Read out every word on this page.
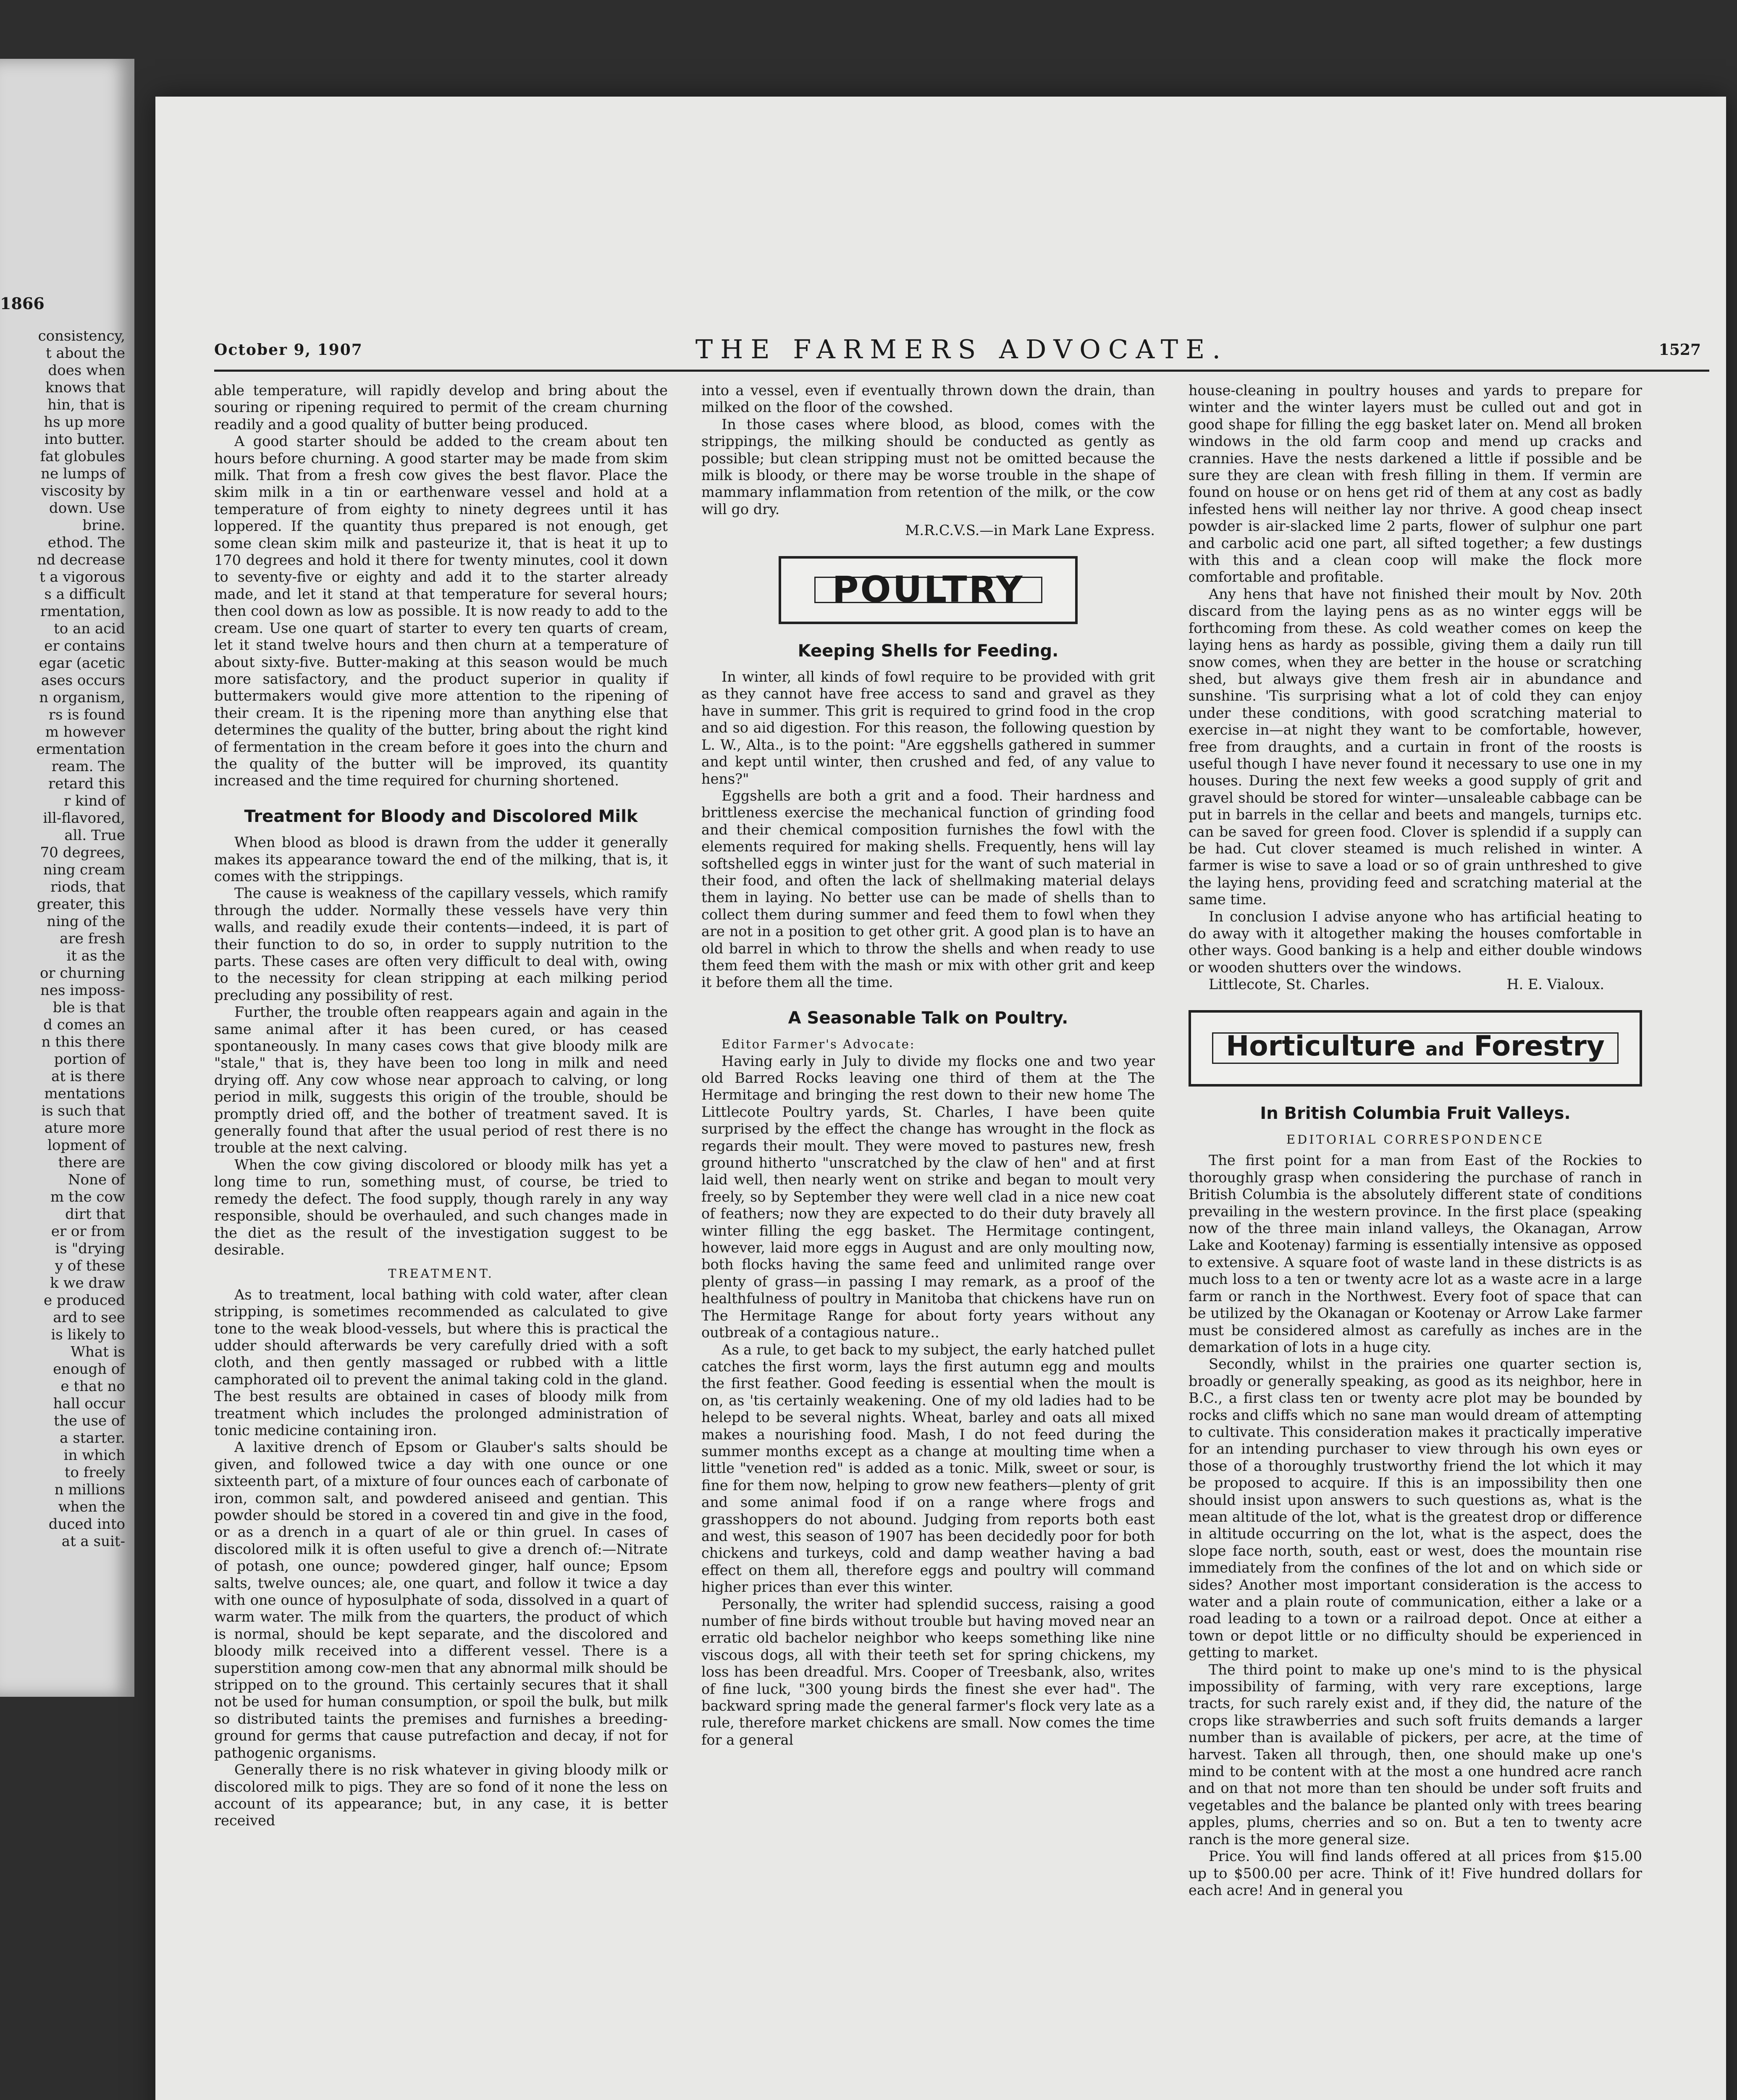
1866
consistency,
t about the
does when
knows that
hin, that is
hs up more
into butter.
fat globules
ne lumps of
viscosity by
down. Use
brine.
ethod. The
nd decrease
t a vigorous
s a difficult
rmentation,
to an acid
er contains
egar (acetic
ases occurs
n organism,
rs is found
m however
ermentation
ream. The
retard this
r kind of
ill-flavored,
all. True
70 degrees,
ning cream
riods, that
greater, this
ning of the
are fresh
it as the
or churning
nes imposs-
ble is that
d comes an
n this there
portion of
at is there
mentations
is such that
ature more
lopment of
there are
None of
m the cow
dirt that
er or from
is "drying
y of these
k we draw
e produced
ard to see
is likely to
What is
enough of
e that no
hall occur
the use of
a starter.
in which
to freely
n millions
when the
duced into
at a suit-
October 9, 1907	THE FARMERS ADVOCATE.	1527

able temperature, will rapidly develop and bring about the souring or ripening required to permit of the cream churning readily and a good quality of butter being produced.

A good starter should be added to the cream about ten hours before churning. A good starter may be made from skim milk. That from a fresh cow gives the best flavor. Place the skim milk in a tin or earthenware vessel and hold at a temperature of from eighty to ninety degrees until it has loppered. If the quantity thus prepared is not enough, get some clean skim milk and pasteurize it, that is heat it up to 170 degrees and hold it there for twenty minutes, cool it down to seventy-five or eighty and add it to the starter already made, and let it stand at that temperature for several hours; then cool down as low as possible. It is now ready to add to the cream. Use one quart of starter to every ten quarts of cream, let it stand twelve hours and then churn at a temperature of about sixty-five. Butter-making at this season would be much more satisfactory, and the product superior in quality if buttermakers would give more attention to the ripening of their cream. It is the ripening more than anything else that determines the quality of the butter, bring about the right kind of fermentation in the cream before it goes into the churn and the quality of the butter will be improved, its quantity increased and the time required for churning shortened.

Treatment for Bloody and Discolored Milk

When blood as blood is drawn from the udder it generally makes its appearance toward the end of the milking, that is, it comes with the strippings.

The cause is weakness of the capillary vessels, which ramify through the udder. Normally these vessels have very thin walls, and readily exude their contents—indeed, it is part of their function to do so, in order to supply nutrition to the parts. These cases are often very difficult to deal with, owing to the necessity for clean stripping at each milking period precluding any possibility of rest.

Further, the trouble often reappears again and again in the same animal after it has been cured, or has ceased spontaneously. In many cases cows that give bloody milk are "stale," that is, they have been too long in milk and need drying off. Any cow whose near approach to calving, or long period in milk, suggests this origin of the trouble, should be promptly dried off, and the bother of treatment saved. It is generally found that after the usual period of rest there is no trouble at the next calving.

When the cow giving discolored or bloody milk has yet a long time to run, something must, of course, be tried to remedy the defect. The food supply, though rarely in any way responsible, should be overhauled, and such changes made in the diet as the result of the investigation suggest to be desirable.

TREATMENT.

As to treatment, local bathing with cold water, after clean stripping, is sometimes recommended as calculated to give tone to the weak blood-vessels, but where this is practical the udder should afterwards be very carefully dried with a soft cloth, and then gently massaged or rubbed with a little camphorated oil to prevent the animal taking cold in the gland. The best results are obtained in cases of bloody milk from treatment which includes the prolonged administration of tonic medicine containing iron.

A laxitive drench of Epsom or Glauber's salts should be given, and followed twice a day with one ounce or one sixteenth part, of a mixture of four ounces each of carbonate of iron, common salt, and powdered aniseed and gentian. This powder should be stored in a covered tin and give in the food, or as a drench in a quart of ale or thin gruel. In cases of discolored milk it is often useful to give a drench of:—Nitrate of potash, one ounce; powdered ginger, half ounce; Epsom salts, twelve ounces; ale, one quart, and follow it twice a day with one ounce of hyposulphate of soda, dissolved in a quart of warm water. The milk from the quarters, the product of which is normal, should be kept separate, and the discolored and bloody milk received into a different vessel. There is a superstition among cow-men that any abnormal milk should be stripped on to the ground. This certainly secures that it shall not be used for human consumption, or spoil the bulk, but milk so distributed taints the premises and furnishes a breeding-ground for germs that cause putrefaction and decay, if not for pathogenic organisms.

Generally there is no risk whatever in giving bloody milk or discolored milk to pigs. They are so fond of it none the less on account of its appearance; but, in any case, it is better received

into a vessel, even if eventually thrown down the drain, than milked on the floor of the cowshed.

In those cases where blood, as blood, comes with the strippings, the milking should be conducted as gently as possible; but clean stripping must not be omitted because the milk is bloody, or there may be worse trouble in the shape of mammary inflammation from retention of the milk, or the cow will go dry.

M.R.C.V.S.—in Mark Lane Express.

POULTRY
Keeping Shells for Feeding.

In winter, all kinds of fowl require to be provided with grit as they cannot have free access to sand and gravel as they have in summer. This grit is required to grind food in the crop and so aid digestion. For this reason, the following question by L. W., Alta., is to the point: "Are eggshells gathered in summer and kept until winter, then crushed and fed, of any value to hens?"

Eggshells are both a grit and a food. Their hardness and brittleness exercise the mechanical function of grinding food and their chemical composition furnishes the fowl with the elements required for making shells. Frequently, hens will lay softshelled eggs in winter just for the want of such material in their food, and often the lack of shellmaking material delays them in laying. No better use can be made of shells than to collect them during summer and feed them to fowl when they are not in a position to get other grit. A good plan is to have an old barrel in which to throw the shells and when ready to use them feed them with the mash or mix with other grit and keep it before them all the time.

A Seasonable Talk on Poultry.

Editor Farmer's Advocate:

Having early in July to divide my flocks one and two year old Barred Rocks leaving one third of them at the The Hermitage and bringing the rest down to their new home The Littlecote Poultry yards, St. Charles, I have been quite surprised by the effect the change has wrought in the flock as regards their moult. They were moved to pastures new, fresh ground hitherto "unscratched by the claw of hen" and at first laid well, then nearly went on strike and began to moult very freely, so by September they were well clad in a nice new coat of feathers; now they are expected to do their duty bravely all winter filling the egg basket. The Hermitage contingent, however, laid more eggs in August and are only moulting now, both flocks having the same feed and unlimited range over plenty of grass—in passing I may remark, as a proof of the healthfulness of poultry in Manitoba that chickens have run on The Hermitage Range for about forty years without any outbreak of a contagious nature..

As a rule, to get back to my subject, the early hatched pullet catches the first worm, lays the first autumn egg and moults the first feather. Good feeding is essential when the moult is on, as 'tis certainly weakening. One of my old ladies had to be helepd to be several nights. Wheat, barley and oats all mixed makes a nourishing food. Mash, I do not feed during the summer months except as a change at moulting time when a little "venetion red" is added as a tonic. Milk, sweet or sour, is fine for them now, helping to grow new feathers—plenty of grit and some animal food if on a range where frogs and grasshoppers do not abound. Judging from reports both east and west, this season of 1907 has been decidedly poor for both chickens and turkeys, cold and damp weather having a bad effect on them all, therefore eggs and poultry will command higher prices than ever this winter.

Personally, the writer had splendid success, raising a good number of fine birds without trouble but having moved near an erratic old bachelor neighbor who keeps something like nine viscous dogs, all with their teeth set for spring chickens, my loss has been dreadful. Mrs. Cooper of Treesbank, also, writes of fine luck, "300 young birds the finest she ever had". The backward spring made the general farmer's flock very late as a rule, therefore market chickens are small. Now comes the time for a general

house-cleaning in poultry houses and yards to prepare for winter and the winter layers must be culled out and got in good shape for filling the egg basket later on. Mend all broken windows in the old farm coop and mend up cracks and crannies. Have the nests darkened a little if possible and be sure they are clean with fresh filling in them. If vermin are found on house or on hens get rid of them at any cost as badly infested hens will neither lay nor thrive. A good cheap insect powder is air-slacked lime 2 parts, flower of sulphur one part and carbolic acid one part, all sifted together; a few dustings with this and a clean coop will make the flock more comfortable and profitable.

Any hens that have not finished their moult by Nov. 20th discard from the laying pens as as no winter eggs will be forthcoming from these. As cold weather comes on keep the laying hens as hardy as possible, giving them a daily run till snow comes, when they are better in the house or scratching shed, but always give them fresh air in abundance and sunshine. 'Tis surprising what a lot of cold they can enjoy under these conditions, with good scratching material to exercise in—at night they want to be comfortable, however, free from draughts, and a curtain in front of the roosts is useful though I have never found it necessary to use one in my houses. During the next few weeks a good supply of grit and gravel should be stored for winter—unsaleable cabbage can be put in barrels in the cellar and beets and mangels, turnips etc. can be saved for green food. Clover is splendid if a supply can be had. Cut clover steamed is much relished in winter. A farmer is wise to save a load or so of grain unthreshed to give the laying hens, providing feed and scratching material at the same time.

In conclusion I advise anyone who has artificial heating to do away with it altogether making the houses comfortable in other ways. Good banking is a help and either double windows or wooden shutters over the windows.

Littlecote, St. Charles.	H. E. Vialoux.

Horticulture and Forestry
In British Columbia Fruit Valleys.
EDITORIAL CORRESPONDENCE

The first point for a man from East of the Rockies to thoroughly grasp when considering the purchase of ranch in British Columbia is the absolutely different state of conditions prevailing in the western province. In the first place (speaking now of the three main inland valleys, the Okanagan, Arrow Lake and Kootenay) farming is essentially intensive as opposed to extensive. A square foot of waste land in these districts is as much loss to a ten or twenty acre lot as a waste acre in a large farm or ranch in the Northwest. Every foot of space that can be utilized by the Okanagan or Kootenay or Arrow Lake farmer must be considered almost as carefully as inches are in the demarkation of lots in a huge city.

Secondly, whilst in the prairies one quarter section is, broadly or generally speaking, as good as its neighbor, here in B.C., a first class ten or twenty acre plot may be bounded by rocks and cliffs which no sane man would dream of attempting to cultivate. This consideration makes it practically imperative for an intending purchaser to view through his own eyes or those of a thoroughly trustworthy friend the lot which it may be proposed to acquire. If this is an impossibility then one should insist upon answers to such questions as, what is the mean altitude of the lot, what is the greatest drop or difference in altitude occurring on the lot, what is the aspect, does the slope face north, south, east or west, does the mountain rise immediately from the confines of the lot and on which side or sides? Another most important consideration is the access to water and a plain route of communication, either a lake or a road leading to a town or a railroad depot. Once at either a town or depot little or no difficulty should be experienced in getting to market.

The third point to make up one's mind to is the physical impossibility of farming, with very rare exceptions, large tracts, for such rarely exist and, if they did, the nature of the crops like strawberries and such soft fruits demands a larger number than is available of pickers, per acre, at the time of harvest. Taken all through, then, one should make up one's mind to be content with at the most a one hundred acre ranch and on that not more than ten should be under soft fruits and vegetables and the balance be planted only with trees bearing apples, plums, cherries and so on. But a ten to twenty acre ranch is the more general size.

Price. You will find lands offered at all prices from $15.00 up to $500.00 per acre. Think of it! Five hundred dollars for each acre! And in general you
